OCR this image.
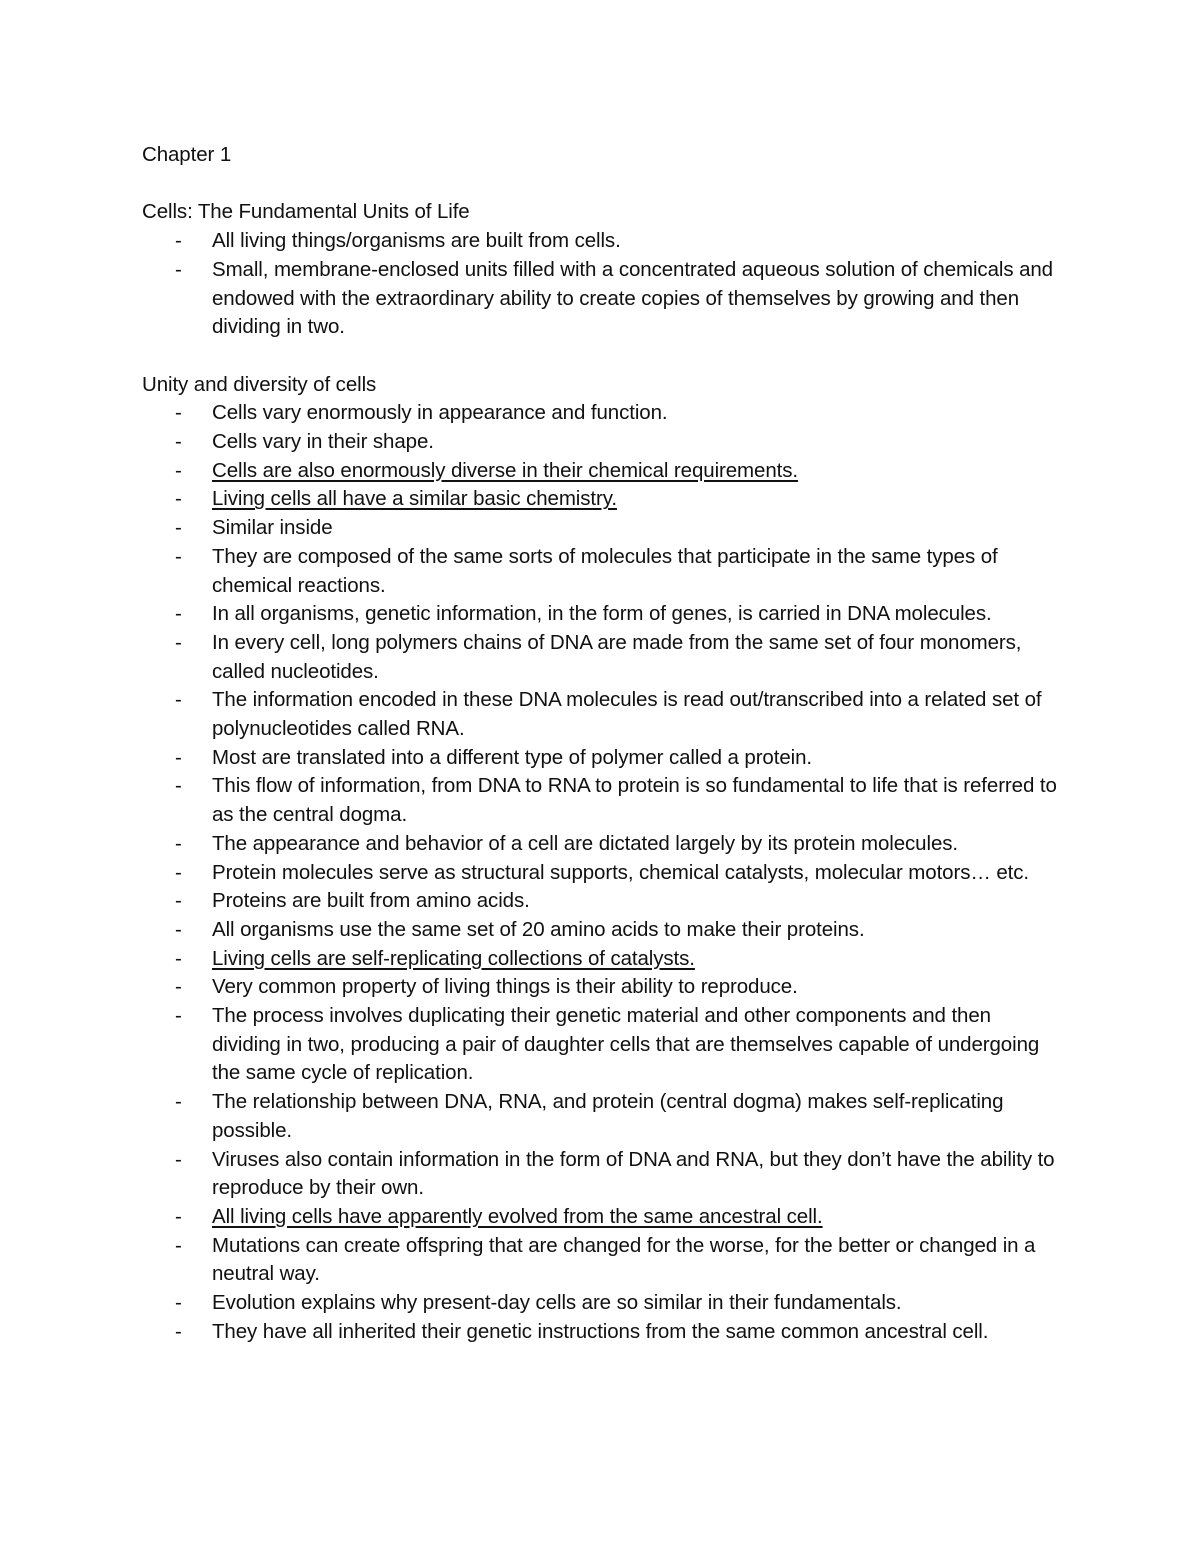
Chapter 1
Cells: The Fundamental Units of Life
- All living things/organisms are built from cells.
- Small, membrane-enclosed units filled with a concentrated aqueous solution of chemicals and endowed with the extraordinary ability to create copies of themselves by growing and then dividing in two.
Unity and diversity of cells
- Cells vary enormously in appearance and function.
- Cells vary in their shape.
- Cells are also enormously diverse in their chemical requirements.
- Living cells all have a similar basic chemistry.
- Similar inside
- They are composed of the same sorts of molecules that participate in the same types of chemical reactions.
- In all organisms, genetic information, in the form of genes, is carried in DNA molecules.
- In every cell, long polymers chains of DNA are made from the same set of four monomers, called nucleotides.
- The information encoded in these DNA molecules is read out/transcribed into a related set of polynucleotides called RNA.
- Most are translated into a different type of polymer called a protein.
- This flow of information, from DNA to RNA to protein is so fundamental to life that is referred to as the central dogma.
- The appearance and behavior of a cell are dictated largely by its protein molecules.
- Protein molecules serve as structural supports, chemical catalysts, molecular motors… etc.
- Proteins are built from amino acids.
- All organisms use the same set of 20 amino acids to make their proteins.
- Living cells are self-replicating collections of catalysts.
- Very common property of living things is their ability to reproduce.
- The process involves duplicating their genetic material and other components and then dividing in two, producing a pair of daughter cells that are themselves capable of undergoing the same cycle of replication.
- The relationship between DNA, RNA, and protein (central dogma) makes self-replicating possible.
- Viruses also contain information in the form of DNA and RNA, but they don’t have the ability to reproduce by their own.
- All living cells have apparently evolved from the same ancestral cell.
- Mutations can create offspring that are changed for the worse, for the better or changed in a neutral way.
- Evolution explains why present-day cells are so similar in their fundamentals.
- They have all inherited their genetic instructions from the same common ancestral cell.
